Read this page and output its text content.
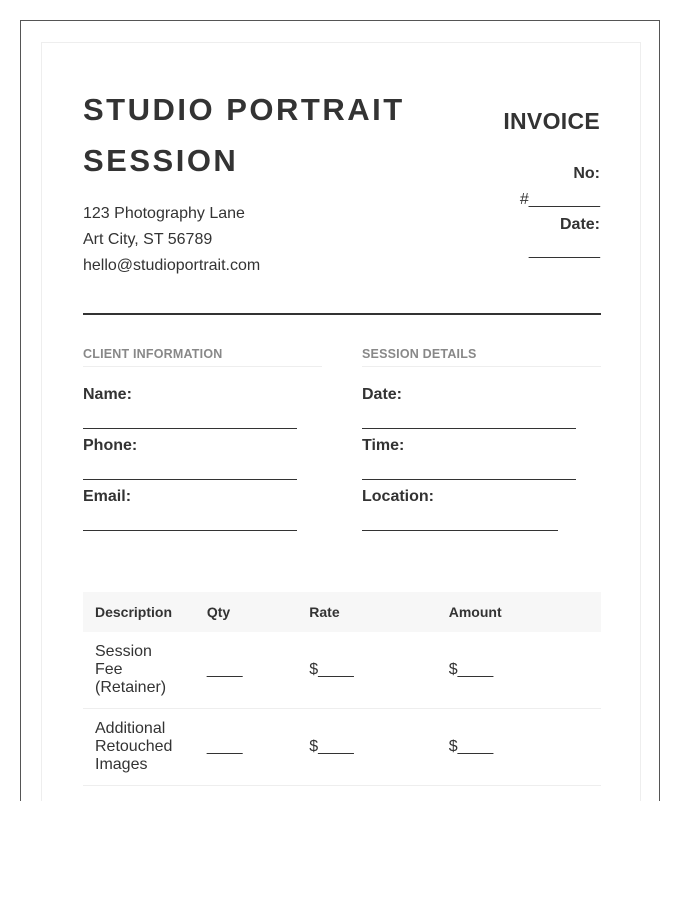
STUDIO PORTRAIT
SESSION
123 Photography Lane
Art City, ST 56789
hello@studioportrait.com
INVOICE
No:
#________
Date:
________
CLIENT INFORMATION
Name:
Phone:
Email:
SESSION DETAILS
Date:
Time:
Location:
Description	Qty	Rate	Amount

Session
Fee
(Retainer)	____	$____	$____

Additional
Retouched
Images	____	$____	$____
